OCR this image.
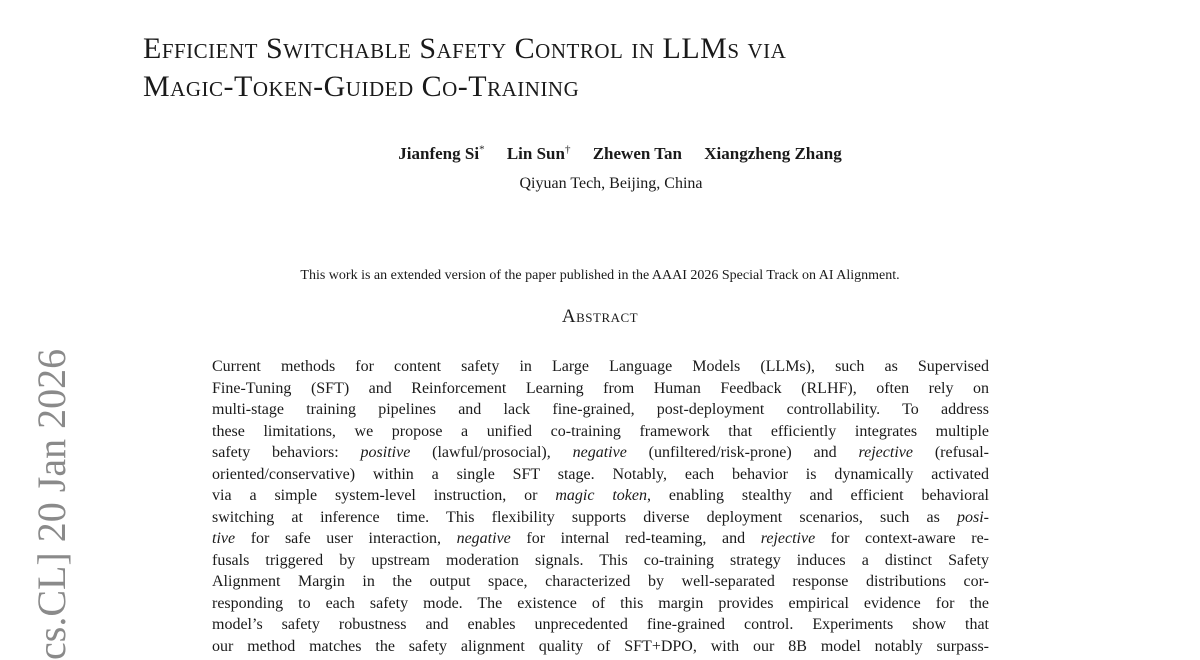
Efficient Switchable Safety Control in LLMs via
Magic-Token-Guided Co-Training
Jianfeng Si* Lin Sun† Zhewen Tan Xiangzheng Zhang
Qiyuan Tech, Beijing, China
This work is an extended version of the paper published in the AAAI 2026 Special Track on AI Alignment.
Abstract
Current methods for content safety in Large Language Models (LLMs), such as Supervised
Fine-Tuning (SFT) and Reinforcement Learning from Human Feedback (RLHF), often rely on
multi-stage training pipelines and lack fine-grained, post-deployment controllability. To address
these limitations, we propose a unified co-training framework that efficiently integrates multiple
safety behaviors: positive (lawful/prosocial), negative (unfiltered/risk-prone) and rejective (refusal-
oriented/conservative) within a single SFT stage. Notably, each behavior is dynamically activated
via a simple system-level instruction, or magic token, enabling stealthy and efficient behavioral
switching at inference time. This flexibility supports diverse deployment scenarios, such as posi-
tive for safe user interaction, negative for internal red-teaming, and rejective for context-aware re-
fusals triggered by upstream moderation signals. This co-training strategy induces a distinct Safety
Alignment Margin in the output space, characterized by well-separated response distributions cor-
responding to each safety mode. The existence of this margin provides empirical evidence for the
model’s safety robustness and enables unprecedented fine-grained control. Experiments show that
our method matches the safety alignment quality of SFT+DPO, with our 8B model notably surpass-
cs.CL] 20 Jan 2026
